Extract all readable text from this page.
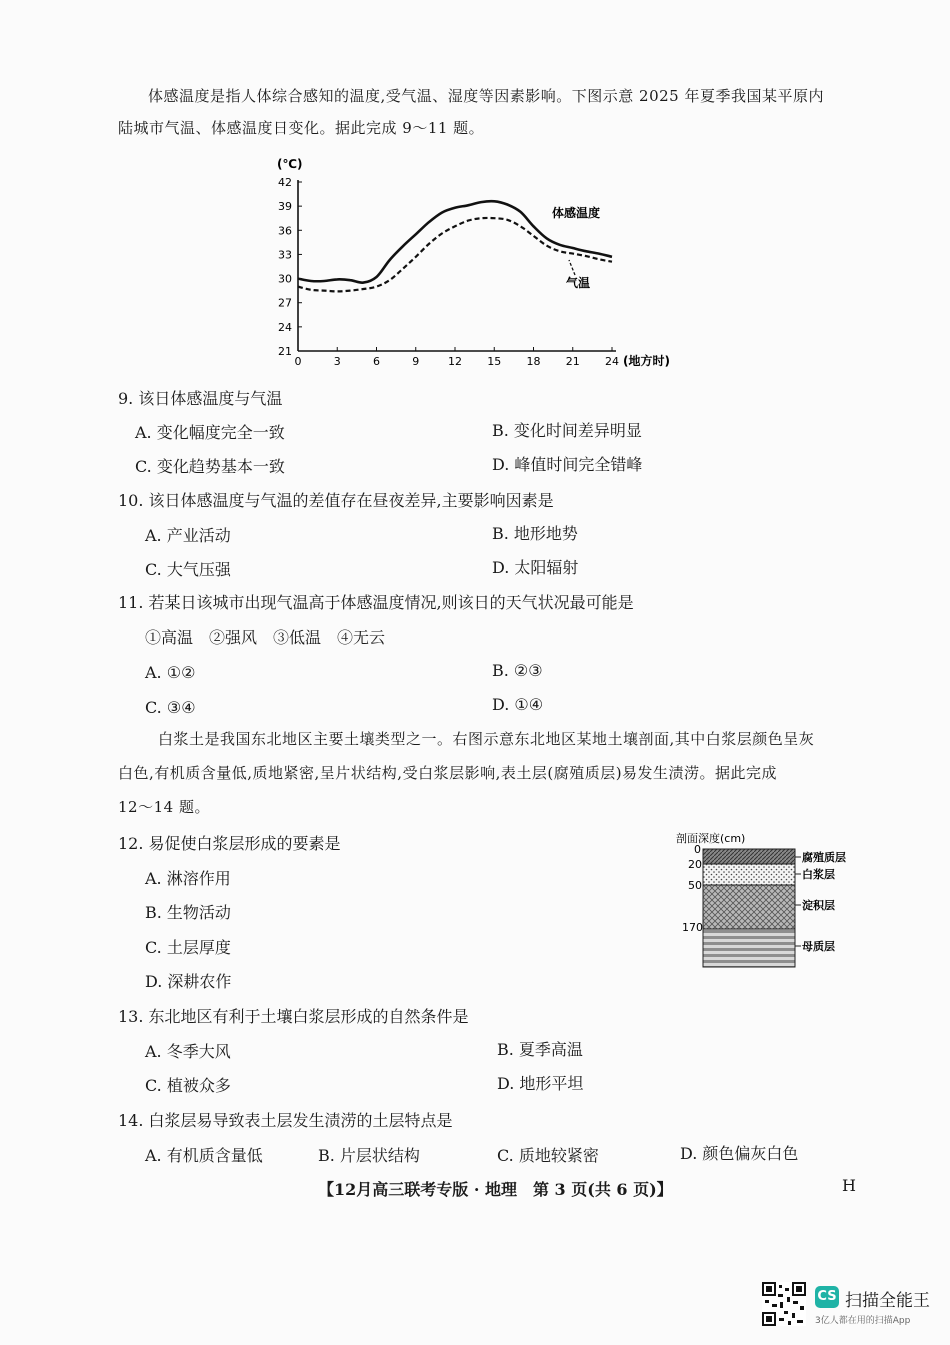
体感温度是指人体综合感知的温度,受气温、湿度等因素影响。下图示意 2025 年夏季我国某平原内
陆城市气温、体感温度日变化。据此完成 9～11 题。
(℃)
21
24
27
30
33
36
39
42
0	3	6	9	12 15 18 21 24 (地方时)
体感温度
气温
9. 该日体感温度与气温
A. 变化幅度完全一致	B. 变化时间差异明显
C. 变化趋势基本一致	D. 峰值时间完全错峰
10. 该日体感温度与气温的差值存在昼夜差异,主要影响因素是
A. 产业活动	B. 地形地势
C. 大气压强	D. 太阳辐射
11. 若某日该城市出现气温高于体感温度情况,则该日的天气状况最可能是
①高温　②强风　③低温　④无云
A. ①②	B. ②③
C. ③④	D. ①④
白浆土是我国东北地区主要土壤类型之一。右图示意东北地区某地土壤剖面,其中白浆层颜色呈灰
白色,有机质含量低,质地紧密,呈片状结构,受白浆层影响,表土层(腐殖质层)易发生渍涝。据此完成
12～14 题。
12. 易促使白浆层形成的要素是
A. 淋溶作用
B. 生物活动
C. 土层厚度
D. 深耕农作
剖面深度(cm)
0
20
50
170
腐殖质层
白浆层
淀积层
母质层
13. 东北地区有利于土壤白浆层形成的自然条件是
A. 冬季大风	B. 夏季高温
C. 植被众多	D. 地形平坦
14. 白浆层易导致表土层发生渍涝的土层特点是
A. 有机质含量低	B. 片层状结构	C. 质地较紧密	D. 颜色偏灰白色
【12月高三联考专版 · 地理　第 3 页(共 6 页)】	H
CS 扫描全能王
3亿人都在用的扫描App
